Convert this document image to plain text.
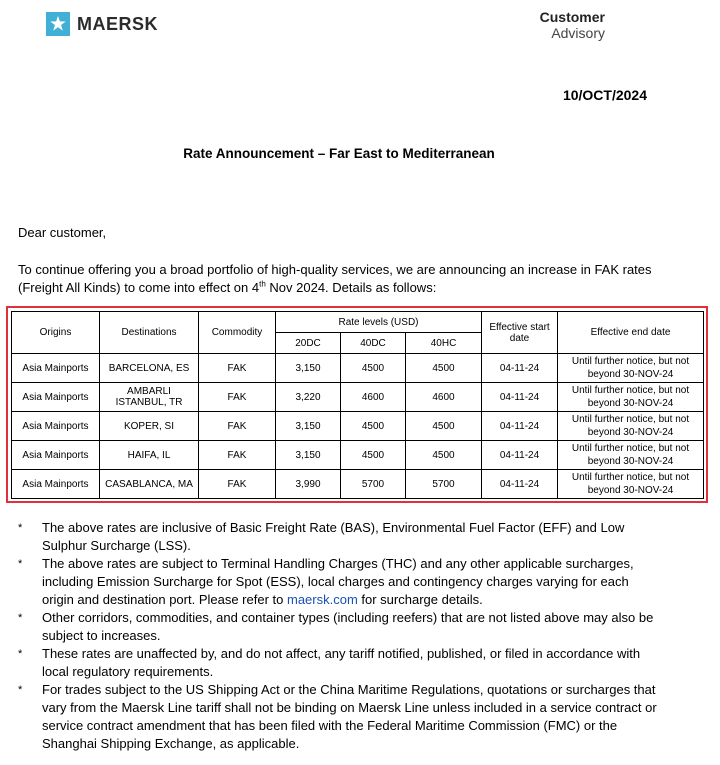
MAERSK	Customer
Advisory
10/OCT/2024
Rate Announcement – Far East to Mediterranean
Dear customer,
To continue offering you a broad portfolio of high-quality services, we are announcing an increase in FAK rates (Freight All Kinds) to come into effect on 4th Nov 2024. Details as follows:
Origins	Destinations	Commodity	Rate levels (USD)			Effective start date	Effective end date
			20DC	40DC	40HC		
Asia Mainports	BARCELONA, ES	FAK	3,150	4500	4500	04-11-24	Until further notice, but not beyond 30-NOV-24
Asia Mainports	AMBARLI ISTANBUL, TR	FAK	3,220	4600	4600	04-11-24	Until further notice, but not beyond 30-NOV-24
Asia Mainports	KOPER, SI	FAK	3,150	4500	4500	04-11-24	Until further notice, but not beyond 30-NOV-24
Asia Mainports	HAIFA, IL	FAK	3,150	4500	4500	04-11-24	Until further notice, but not beyond 30-NOV-24
Asia Mainports	CASABLANCA, MA	FAK	3,990	5700	5700	04-11-24	Until further notice, but not beyond 30-NOV-24
* The above rates are inclusive of Basic Freight Rate (BAS), Environmental Fuel Factor (EFF) and Low Sulphur Surcharge (LSS).
* The above rates are subject to Terminal Handling Charges (THC) and any other applicable surcharges, including Emission Surcharge for Spot (ESS), local charges and contingency charges varying for each origin and destination port. Please refer to maersk.com for surcharge details.
* Other corridors, commodities, and container types (including reefers) that are not listed above may also be subject to increases.
* These rates are unaffected by, and do not affect, any tariff notified, published, or filed in accordance with local regulatory requirements.
* For trades subject to the US Shipping Act or the China Maritime Regulations, quotations or surcharges that vary from the Maersk Line tariff shall not be binding on Maersk Line unless included in a service contract or service contract amendment that has been filed with the Federal Maritime Commission (FMC) or the Shanghai Shipping Exchange, as applicable.
